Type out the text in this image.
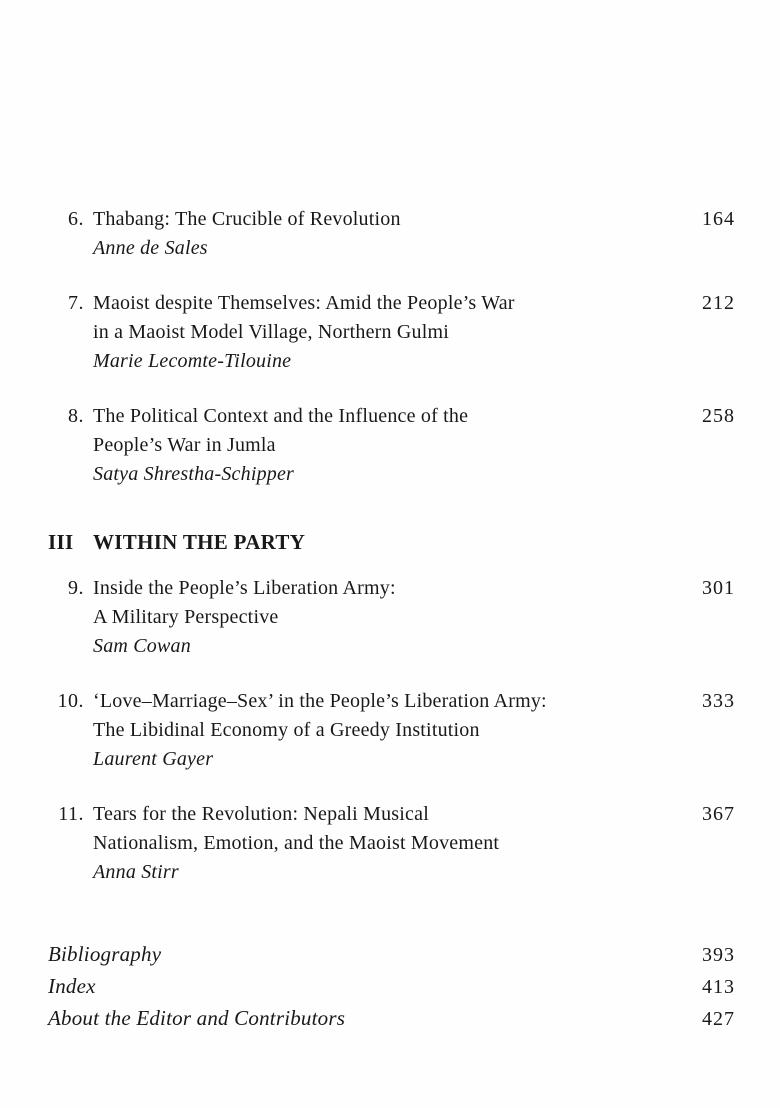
6. Thabang: The Crucible of Revolution
Anne de Sales
164
7. Maoist despite Themselves: Amid the People’s War
in a Maoist Model Village, Northern Gulmi
Marie Lecomte-Tilouine
212
8. The Political Context and the Influence of the
People’s War in Jumla
Satya Shrestha-Schipper
258
III WITHIN THE PARTY
9. Inside the People’s Liberation Army:
A Military Perspective
Sam Cowan
301
10. ‘Love–Marriage–Sex’ in the People’s Liberation Army:
The Libidinal Economy of a Greedy Institution
Laurent Gayer
333
11. Tears for the Revolution: Nepali Musical
Nationalism, Emotion, and the Maoist Movement
Anna Stirr
367
Bibliography	393
Index	413
About the Editor and Contributors	427
